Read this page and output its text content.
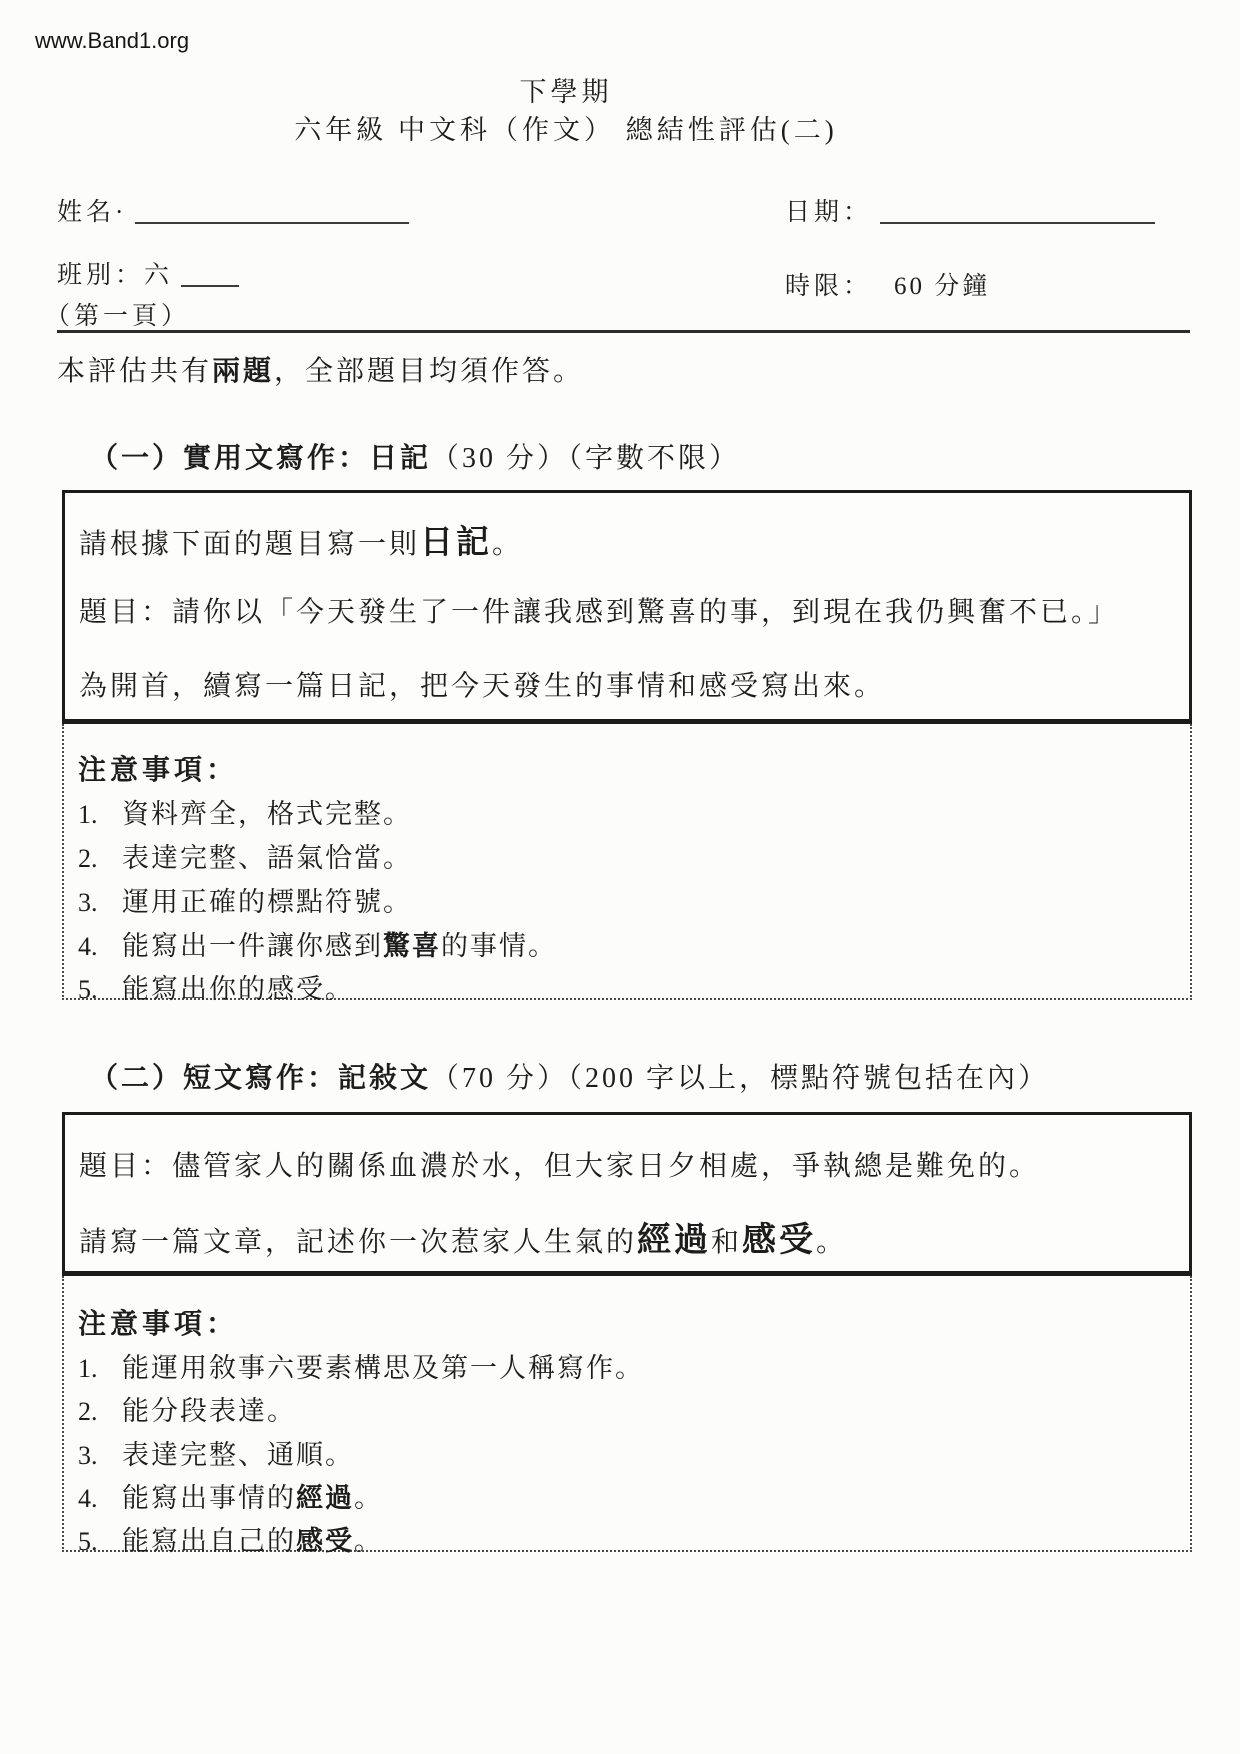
www.Band1.org
下學期
六年級 中文科（作文） 總結性評估(二)
姓名·	日期：
班別：六	時限： 60 分鐘
（第一頁）
本評估共有兩題，全部題目均須作答。
（一）實用文寫作：日記（30 分）（字數不限）
請根據下面的題目寫一則日記。
題目：請你以「今天發生了一件讓我感到驚喜的事，到現在我仍興奮不已。」
為開首，續寫一篇日記，把今天發生的事情和感受寫出來。
注意事項：
1. 資料齊全，格式完整。
2. 表達完整、語氣恰當。
3. 運用正確的標點符號。
4. 能寫出一件讓你感到驚喜的事情。
5. 能寫出你的感受。
（二）短文寫作：記敍文（70 分）（200 字以上，標點符號包括在內）
題目：儘管家人的關係血濃於水，但大家日夕相處，爭執總是難免的。
請寫一篇文章，記述你一次惹家人生氣的經過和感受。
注意事項：
1. 能運用敘事六要素構思及第一人稱寫作。
2. 能分段表達。
3. 表達完整、通順。
4. 能寫出事情的經過。
5. 能寫出自己的感受。
